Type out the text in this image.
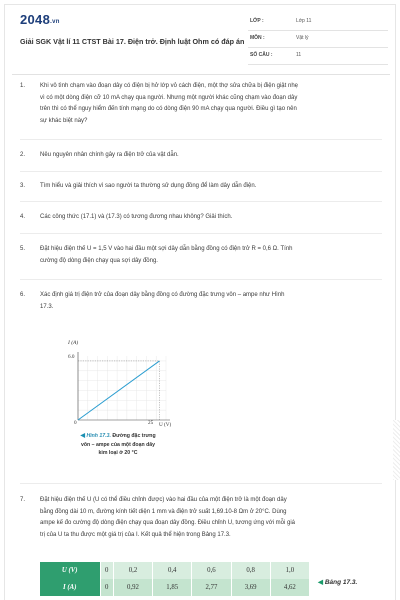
$2048_{.vn}$
Giải SGK Vật lí 11 CTST Bài 17. Điện trở. Định luật Ohm có đáp án
LỚP :	Lớp 11
MÔN :	Vật lý
SỐ CÂU :	11
1.	Khi vô tình chạm vào đoạn dây có điện bị hở lớp vỏ cách điện, một thợ sửa chữa bị điện giật nhẹ
vì có một dòng điện cỡ 10 mA chạy qua người. Nhưng một người khác cũng chạm vào đoạn dây
trên thì có thể nguy hiểm đến tính mạng do có dòng điện 90 mA chạy qua người. Điều gì tạo nên
sự khác biệt này?
2.	Nêu nguyên nhân chính gây ra điện trở của vật dẫn.
3.	Tìm hiểu và giải thích vì sao người ta thường sử dụng đồng để làm dây dẫn điện.
4.	Các công thức (17.1) và (17.3) có tương đương nhau không? Giải thích.
5.	Đặt hiệu điện thế U = 1,5 V vào hai đầu một sợi dây dẫn bằng đồng có điện trở R = 0,6 Ω. Tính
cường độ dòng điện chạy qua sợi dây đồng.
6.	Xác định giá trị điện trở của đoạn dây bằng đồng có đường đặc trưng vôn – ampe như Hình
17.3.
I (A)
6.0
0	25 U (V)
◀ Hình 17.3. Đường đặc trưng
vôn – ampe của một đoạn dây
kim loại ở 20 °C
7.	Đặt hiệu điện thế U (U có thể điều chỉnh được) vào hai đầu của một điện trở là một đoạn dây
bằng đồng dài 10 m, đường kính tiết diện 1 mm và điện trở suất 1,69.10-8 Ωm ở 20°C. Dùng
ampe kế đo cường độ dòng điện chạy qua đoạn dây đồng. Điều chỉnh U, tương ứng với mỗi giá
trị của U ta thu được một giá trị của I. Kết quả thể hiện trong Bảng 17.3.
U (V)	0	0,2	0,4	0,6	0,8	1,0
I (A)	0	0,92	1,85	2,77	3,69	4,62
◀ Bảng 17.3.
